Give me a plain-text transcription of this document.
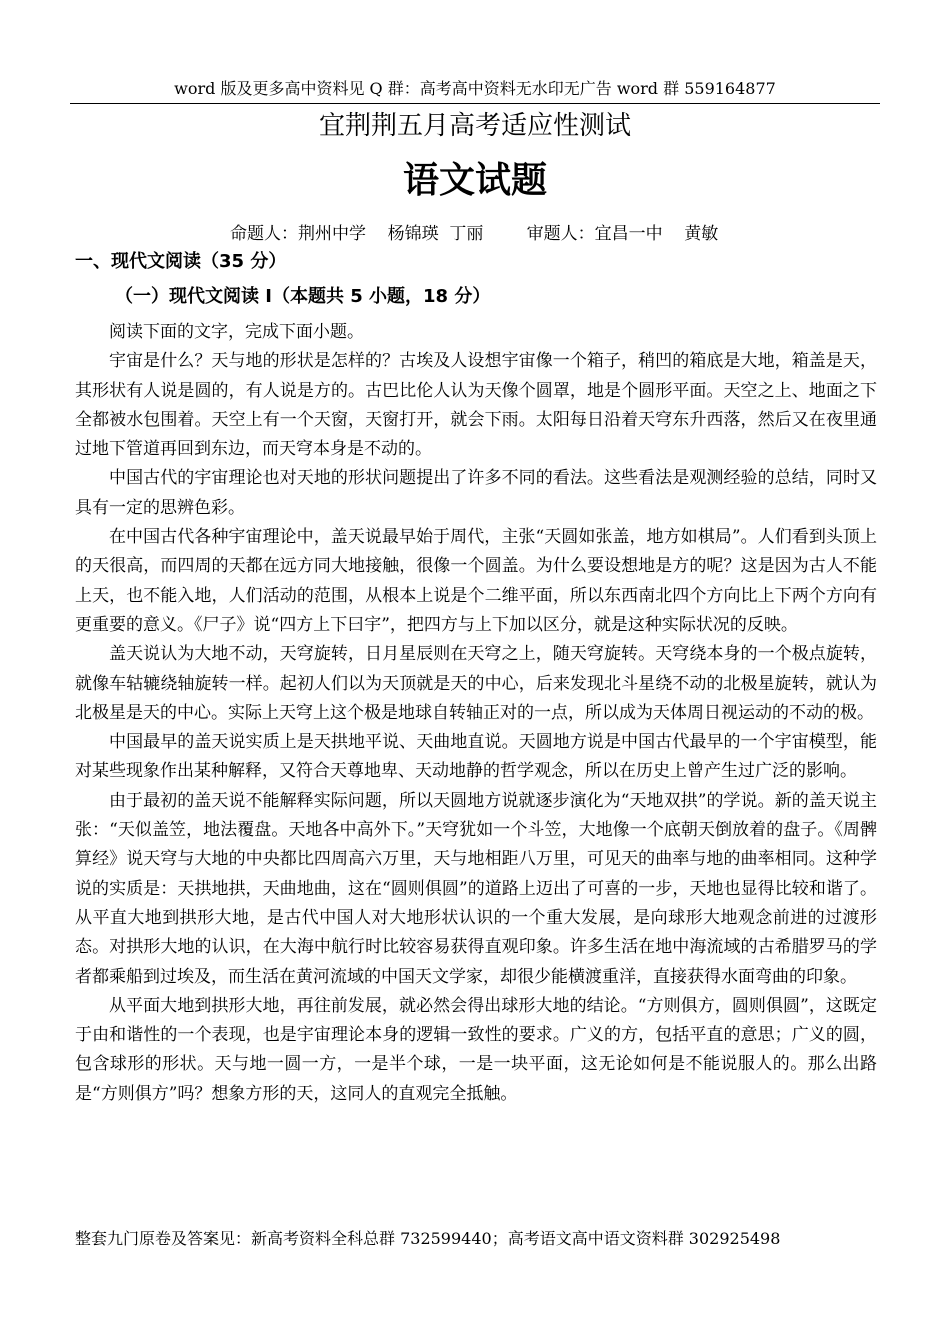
word 版及更多高中资料见 Q 群：高考高中资料无水印无广告 word 群 559164877
宜荆荆五月高考适应性测试
语文试题
命题人：荆州中学    杨锦瑛  丁丽        审题人：宜昌一中    黄敏
一、现代文阅读（35 分）
（一）现代文阅读 I（本题共 5 小题，18 分）

阅读下面的文字，完成下面小题。

宇宙是什么？天与地的形状是怎样的？古埃及人设想宇宙像一个箱子，稍凹的箱底是大地，箱盖是天，其形状有人说是圆的，有人说是方的。古巴比伦人认为天像个圆罩，地是个圆形平面。天空之上、地面之下全都被水包围着。天空上有一个天窗，天窗打开，就会下雨。太阳每日沿着天穹东升西落，然后又在夜里通过地下管道再回到东边，而天穹本身是不动的。

中国古代的宇宙理论也对天地的形状问题提出了许多不同的看法。这些看法是观测经验的总结，同时又具有一定的思辨色彩。

在中国古代各种宇宙理论中，盖天说最早始于周代，主张“天圆如张盖，地方如棋局”。人们看到头顶上的天很高，而四周的天都在远方同大地接触，很像一个圆盖。为什么要设想地是方的呢？这是因为古人不能上天，也不能入地，人们活动的范围，从根本上说是个二维平面，所以东西南北四个方向比上下两个方向有更重要的意义。《尸子》说“四方上下曰宇”，把四方与上下加以区分，就是这种实际状况的反映。

盖天说认为大地不动，天穹旋转，日月星辰则在天穹之上，随天穹旋转。天穹绕本身的一个极点旋转，就像车轱辘绕轴旋转一样。起初人们以为天顶就是天的中心，后来发现北斗星绕不动的北极星旋转，就认为北极星是天的中心。实际上天穹上这个极是地球自转轴正对的一点，所以成为天体周日视运动的不动的极。

中国最早的盖天说实质上是天拱地平说、天曲地直说。天圆地方说是中国古代最早的一个宇宙模型，能对某些现象作出某种解释，又符合天尊地卑、天动地静的哲学观念，所以在历史上曾产生过广泛的影响。

由于最初的盖天说不能解释实际问题，所以天圆地方说就逐步演化为“天地双拱”的学说。新的盖天说主张：“天似盖笠，地法覆盘。天地各中高外下。”天穹犹如一个斗笠，大地像一个底朝天倒放着的盘子。《周髀算经》说天穹与大地的中央都比四周高六万里，天与地相距八万里，可见天的曲率与地的曲率相同。这种学说的实质是：天拱地拱，天曲地曲，这在“圆则俱圆”的道路上迈出了可喜的一步，天地也显得比较和谐了。从平直大地到拱形大地，是古代中国人对大地形状认识的一个重大发展，是向球形大地观念前进的过渡形态。对拱形大地的认识，在大海中航行时比较容易获得直观印象。许多生活在地中海流域的古希腊罗马的学者都乘船到过埃及，而生活在黄河流域的中国天文学家，却很少能横渡重洋，直接获得水面弯曲的印象。

从平面大地到拱形大地，再往前发展，就必然会得出球形大地的结论。“方则俱方，圆则俱圆”，这既定于由和谐性的一个表现，也是宇宙理论本身的逻辑一致性的要求。广义的方，包括平直的意思；广义的圆，包含球形的形状。天与地一圆一方，一是半个球，一是一块平面，这无论如何是不能说服人的。那么出路是“方则俱方”吗？想象方形的天，这同人的直观完全抵触。

整套九门原卷及答案见：新高考资料全科总群 732599440；高考语文高中语文资料群 302925498
